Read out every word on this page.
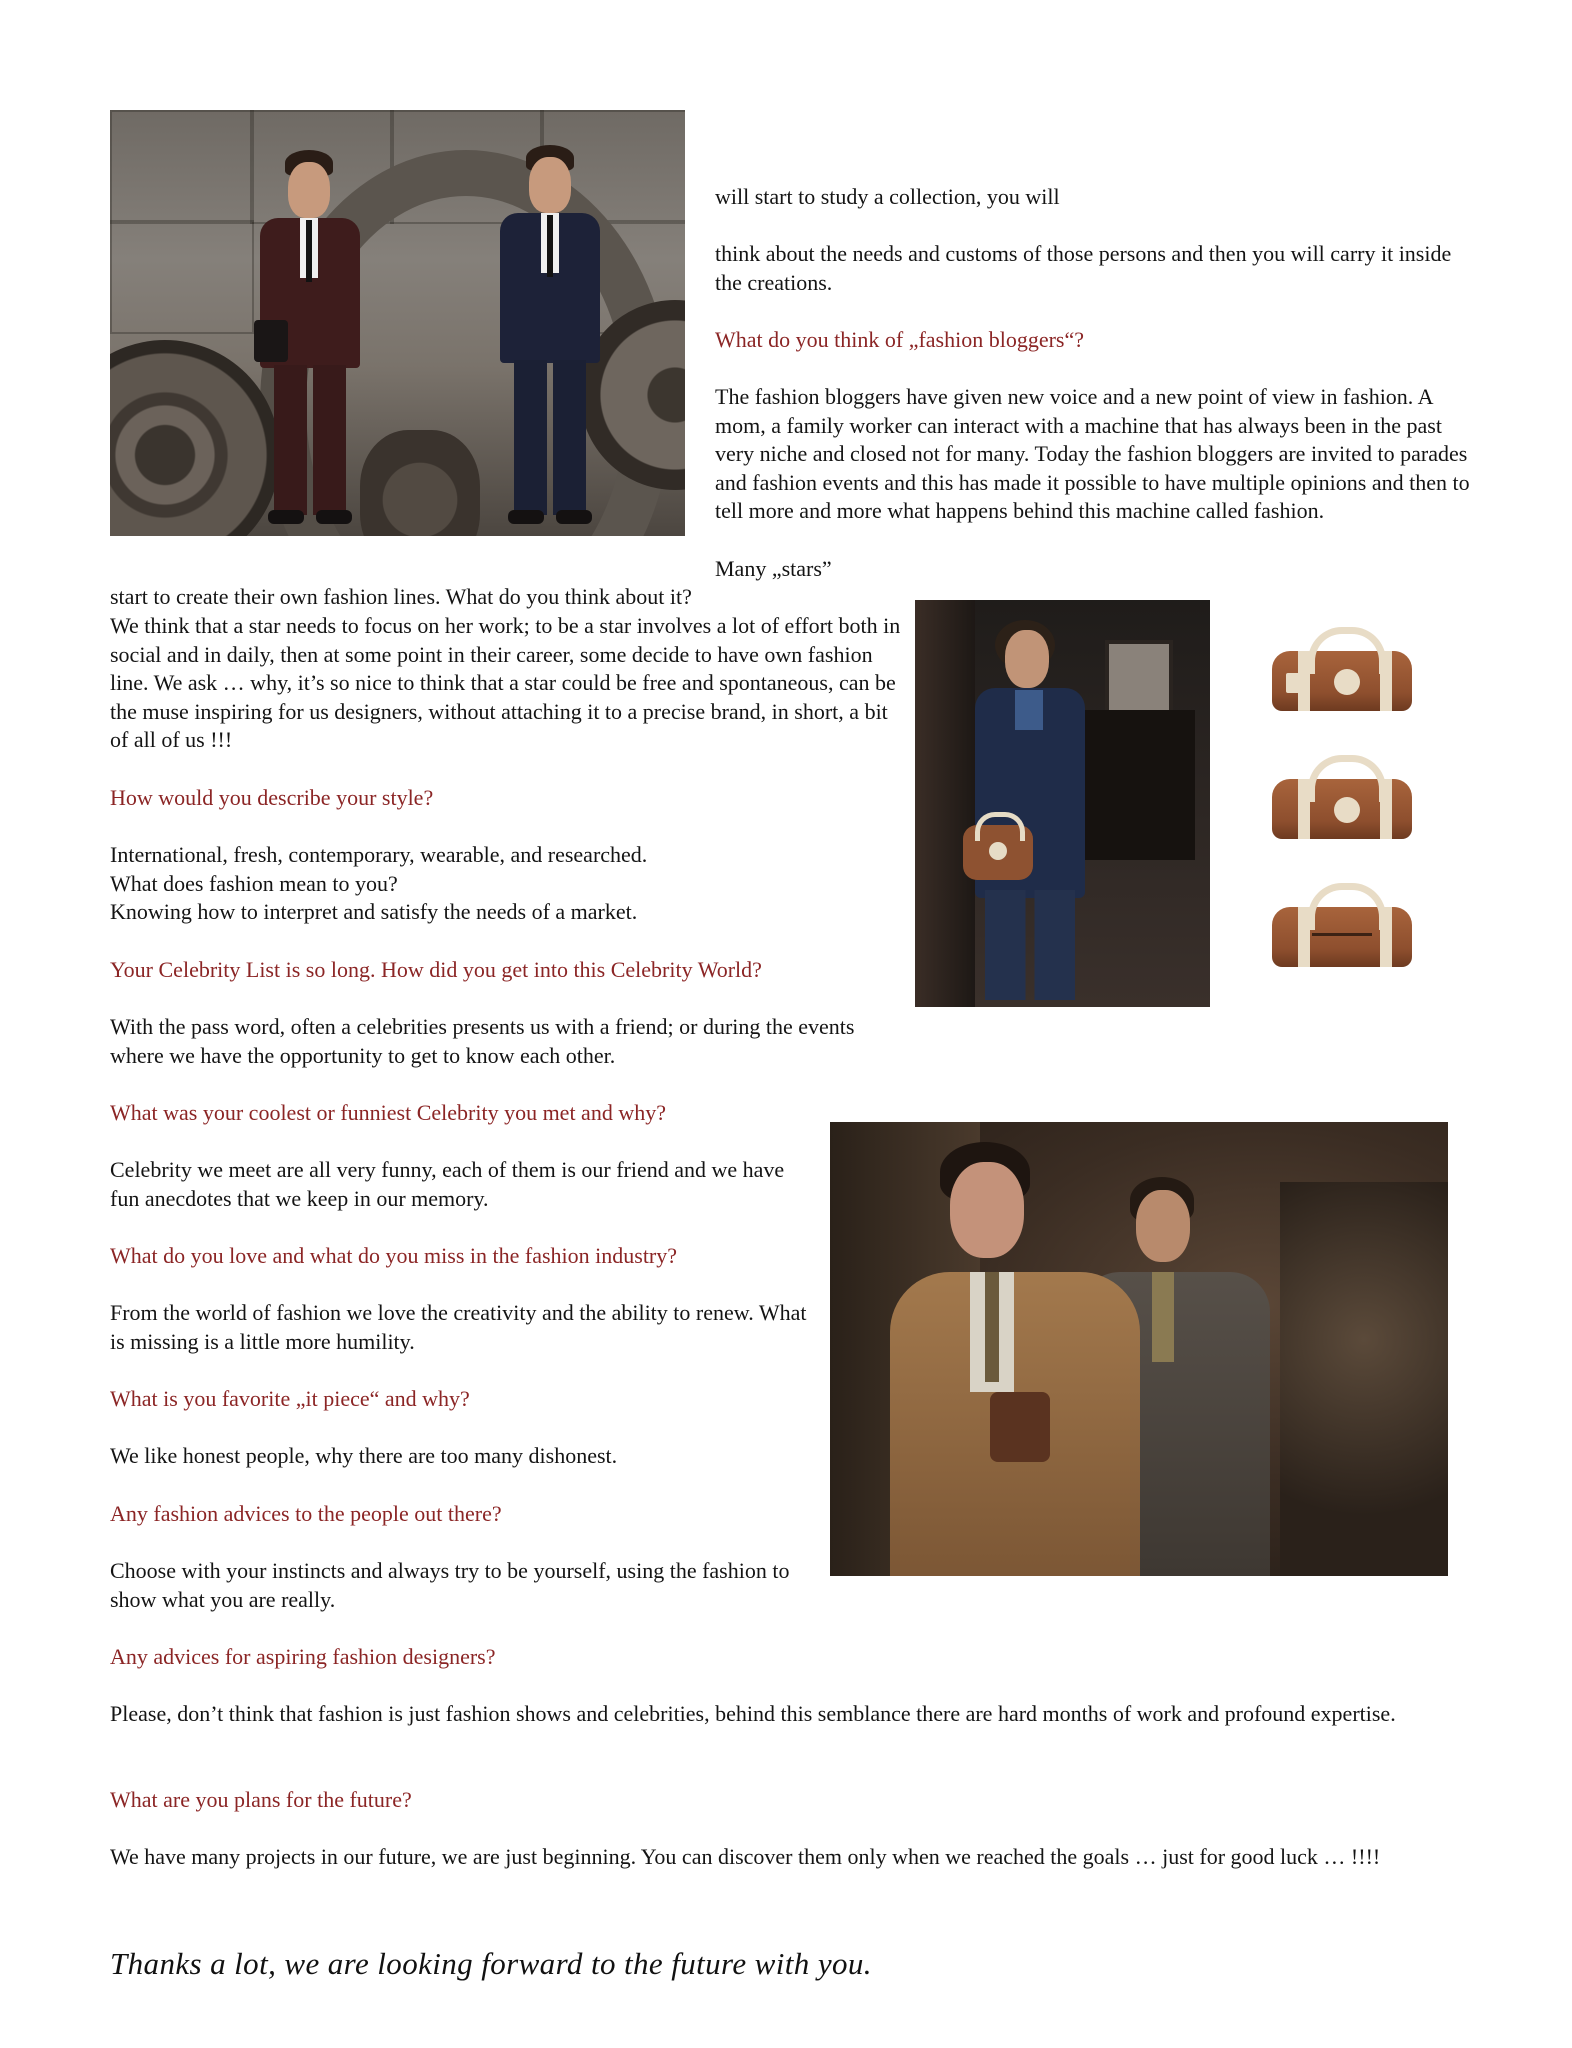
will start to study a collection, you will

think about the needs and customs of those persons and then you will carry it inside the creations.

What do you think of „fashion bloggers“?

The fashion bloggers have given new voice and a new point of view in fashion. A mom, a family worker can interact with a machine that has always been in the past very niche and closed not for many. Today the fashion bloggers are invited to parades and fashion events and this has made it possible to have multiple opinions and then to tell more and more what happens behind this machine called fashion.

Many „stars”

start to create their own fashion lines. What do you think about it?

We think that a star needs to focus on her work; to be a star involves a lot of effort both in social and in daily, then at some point in their career, some decide to have own fashion line. We ask … why, it’s so nice to think that a star could be free and spontaneous, can be the muse inspiring for us designers, without attaching it to a precise brand, in short, a bit of all of us !!!

How would you describe your style?

International, fresh, contemporary, wearable, and researched.

What does fashion mean to you?

Knowing how to interpret and satisfy the needs of a market.

Your Celebrity List is so long. How did you get into this Celebrity World?

With the pass word, often a celebrities presents us with a friend; or during the events where we have the opportunity to get to know each other.

What was your coolest or funniest Celebrity you met and why?

Celebrity we meet are all very funny, each of them is our friend and we have fun anecdotes that we keep in our memory.

What do you love and what do you miss in the fashion industry?

From the world of fashion we love the creativity and the ability to renew. What is missing is a little more humility.

What is you favorite „it piece“ and why?

We like honest people, why there are too many dishonest.

Any fashion advices to the people out there?

Choose with your instincts and always try to be yourself, using the fashion to show what you are really.

Any advices for aspiring fashion designers?

Please, don’t think that fashion is just fashion shows and celebrities, behind this semblance there are hard months of work and profound expertise.

What are you plans for the future?

We have many projects in our future, we are just beginning. You can discover them only when we reached the goals … just for good luck … !!!!

Thanks a lot, we are looking forward to the future with you.
